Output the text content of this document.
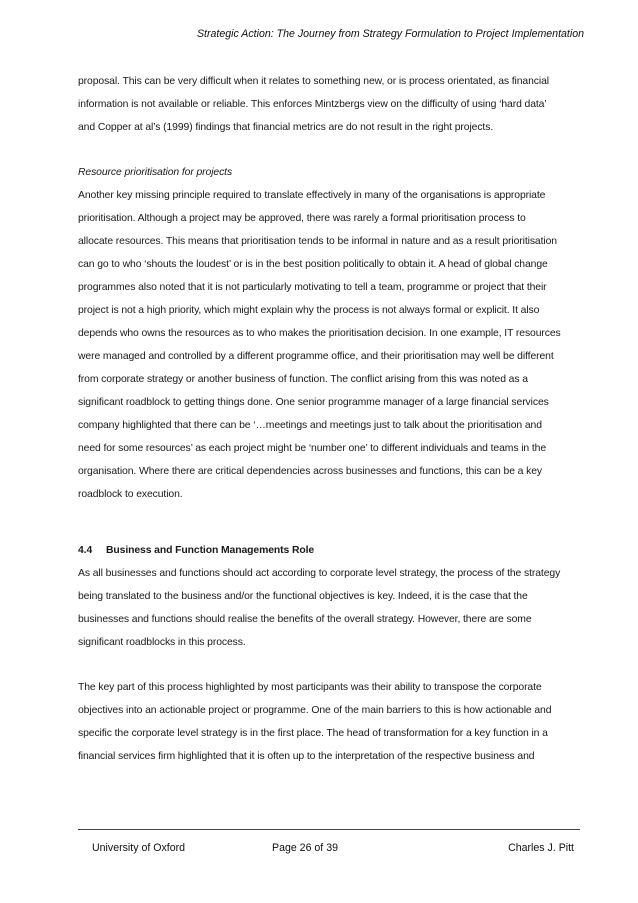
Strategic Action: The Journey from Strategy Formulation to Project Implementation

proposal. This can be very difficult when it relates to something new, or is process orientated, as financial
information is not available or reliable. This enforces Mintzbergs view on the difficulty of using ‘hard data’
and Copper at al’s (1999) findings that financial metrics are do not result in the right projects.

Resource prioritisation for projects

Another key missing principle required to translate effectively in many of the organisations is appropriate
prioritisation. Although a project may be approved, there was rarely a formal prioritisation process to
allocate resources. This means that prioritisation tends to be informal in nature and as a result prioritisation
can go to who ‘shouts the loudest’ or is in the best position politically to obtain it. A head of global change
programmes also noted that it is not particularly motivating to tell a team, programme or project that their
project is not a high priority, which might explain why the process is not always formal or explicit. It also
depends who owns the resources as to who makes the prioritisation decision. In one example, IT resources
were managed and controlled by a different programme office, and their prioritisation may well be different
from corporate strategy or another business of function. The conflict arising from this was noted as a
significant roadblock to getting things done. One senior programme manager of a large financial services
company highlighted that there can be ‘…meetings and meetings just to talk about the prioritisation and
need for some resources’ as each project might be ‘number one’ to different individuals and teams in the
organisation. Where there are critical dependencies across businesses and functions, this can be a key
roadblock to execution.

4.4 Business and Function Managements Role

As all businesses and functions should act according to corporate level strategy, the process of the strategy
being translated to the business and/or the functional objectives is key. Indeed, it is the case that the
businesses and functions should realise the benefits of the overall strategy. However, there are some
significant roadblocks in this process.

The key part of this process highlighted by most participants was their ability to transpose the corporate
objectives into an actionable project or programme. One of the main barriers to this is how actionable and
specific the corporate level strategy is in the first place. The head of transformation for a key function in a
financial services firm highlighted that it is often up to the interpretation of the respective business and

University of Oxford	Page 26 of 39	Charles J. Pitt
